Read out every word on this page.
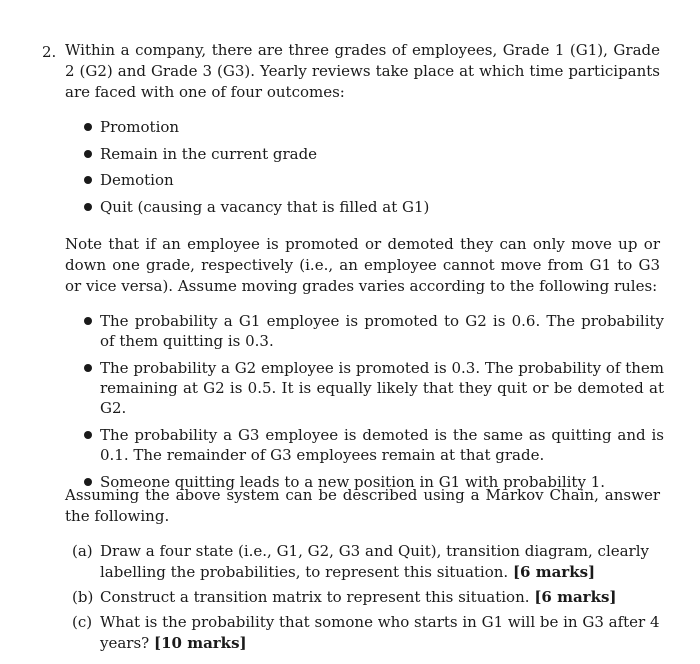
2. Within a company, there are three grades of employees, Grade 1 (G1), Grade 2 (G2) and Grade 3 (G3). Yearly reviews take place at which time participants are faced with one of four outcomes:
Promotion
Remain in the current grade
Demotion
Quit (causing a vacancy that is filled at G1)
Note that if an employee is promoted or demoted they can only move up or down one grade, respectively (i.e., an employee cannot move from G1 to G3 or vice versa). Assume moving grades varies according to the following rules:
The probability a G1 employee is promoted to G2 is 0.6. The probability of them quitting is 0.3.
The probability a G2 employee is promoted is 0.3. The probability of them remaining at G2 is 0.5. It is equally likely that they quit or be demoted at G2.
The probability a G3 employee is demoted is the same as quitting and is 0.1. The remainder of G3 employees remain at that grade.
Someone quitting leads to a new position in G1 with probability 1.
Assuming the above system can be described using a Markov Chain, answer the following.
(a) Draw a four state (i.e., G1, G2, G3 and Quit), transition diagram, clearly labelling the probabilities, to represent this situation. [6 marks]
(b) Construct a transition matrix to represent this situation. [6 marks]
(c) What is the probability that somone who starts in G1 will be in G3 after 4 years? [10 marks]
